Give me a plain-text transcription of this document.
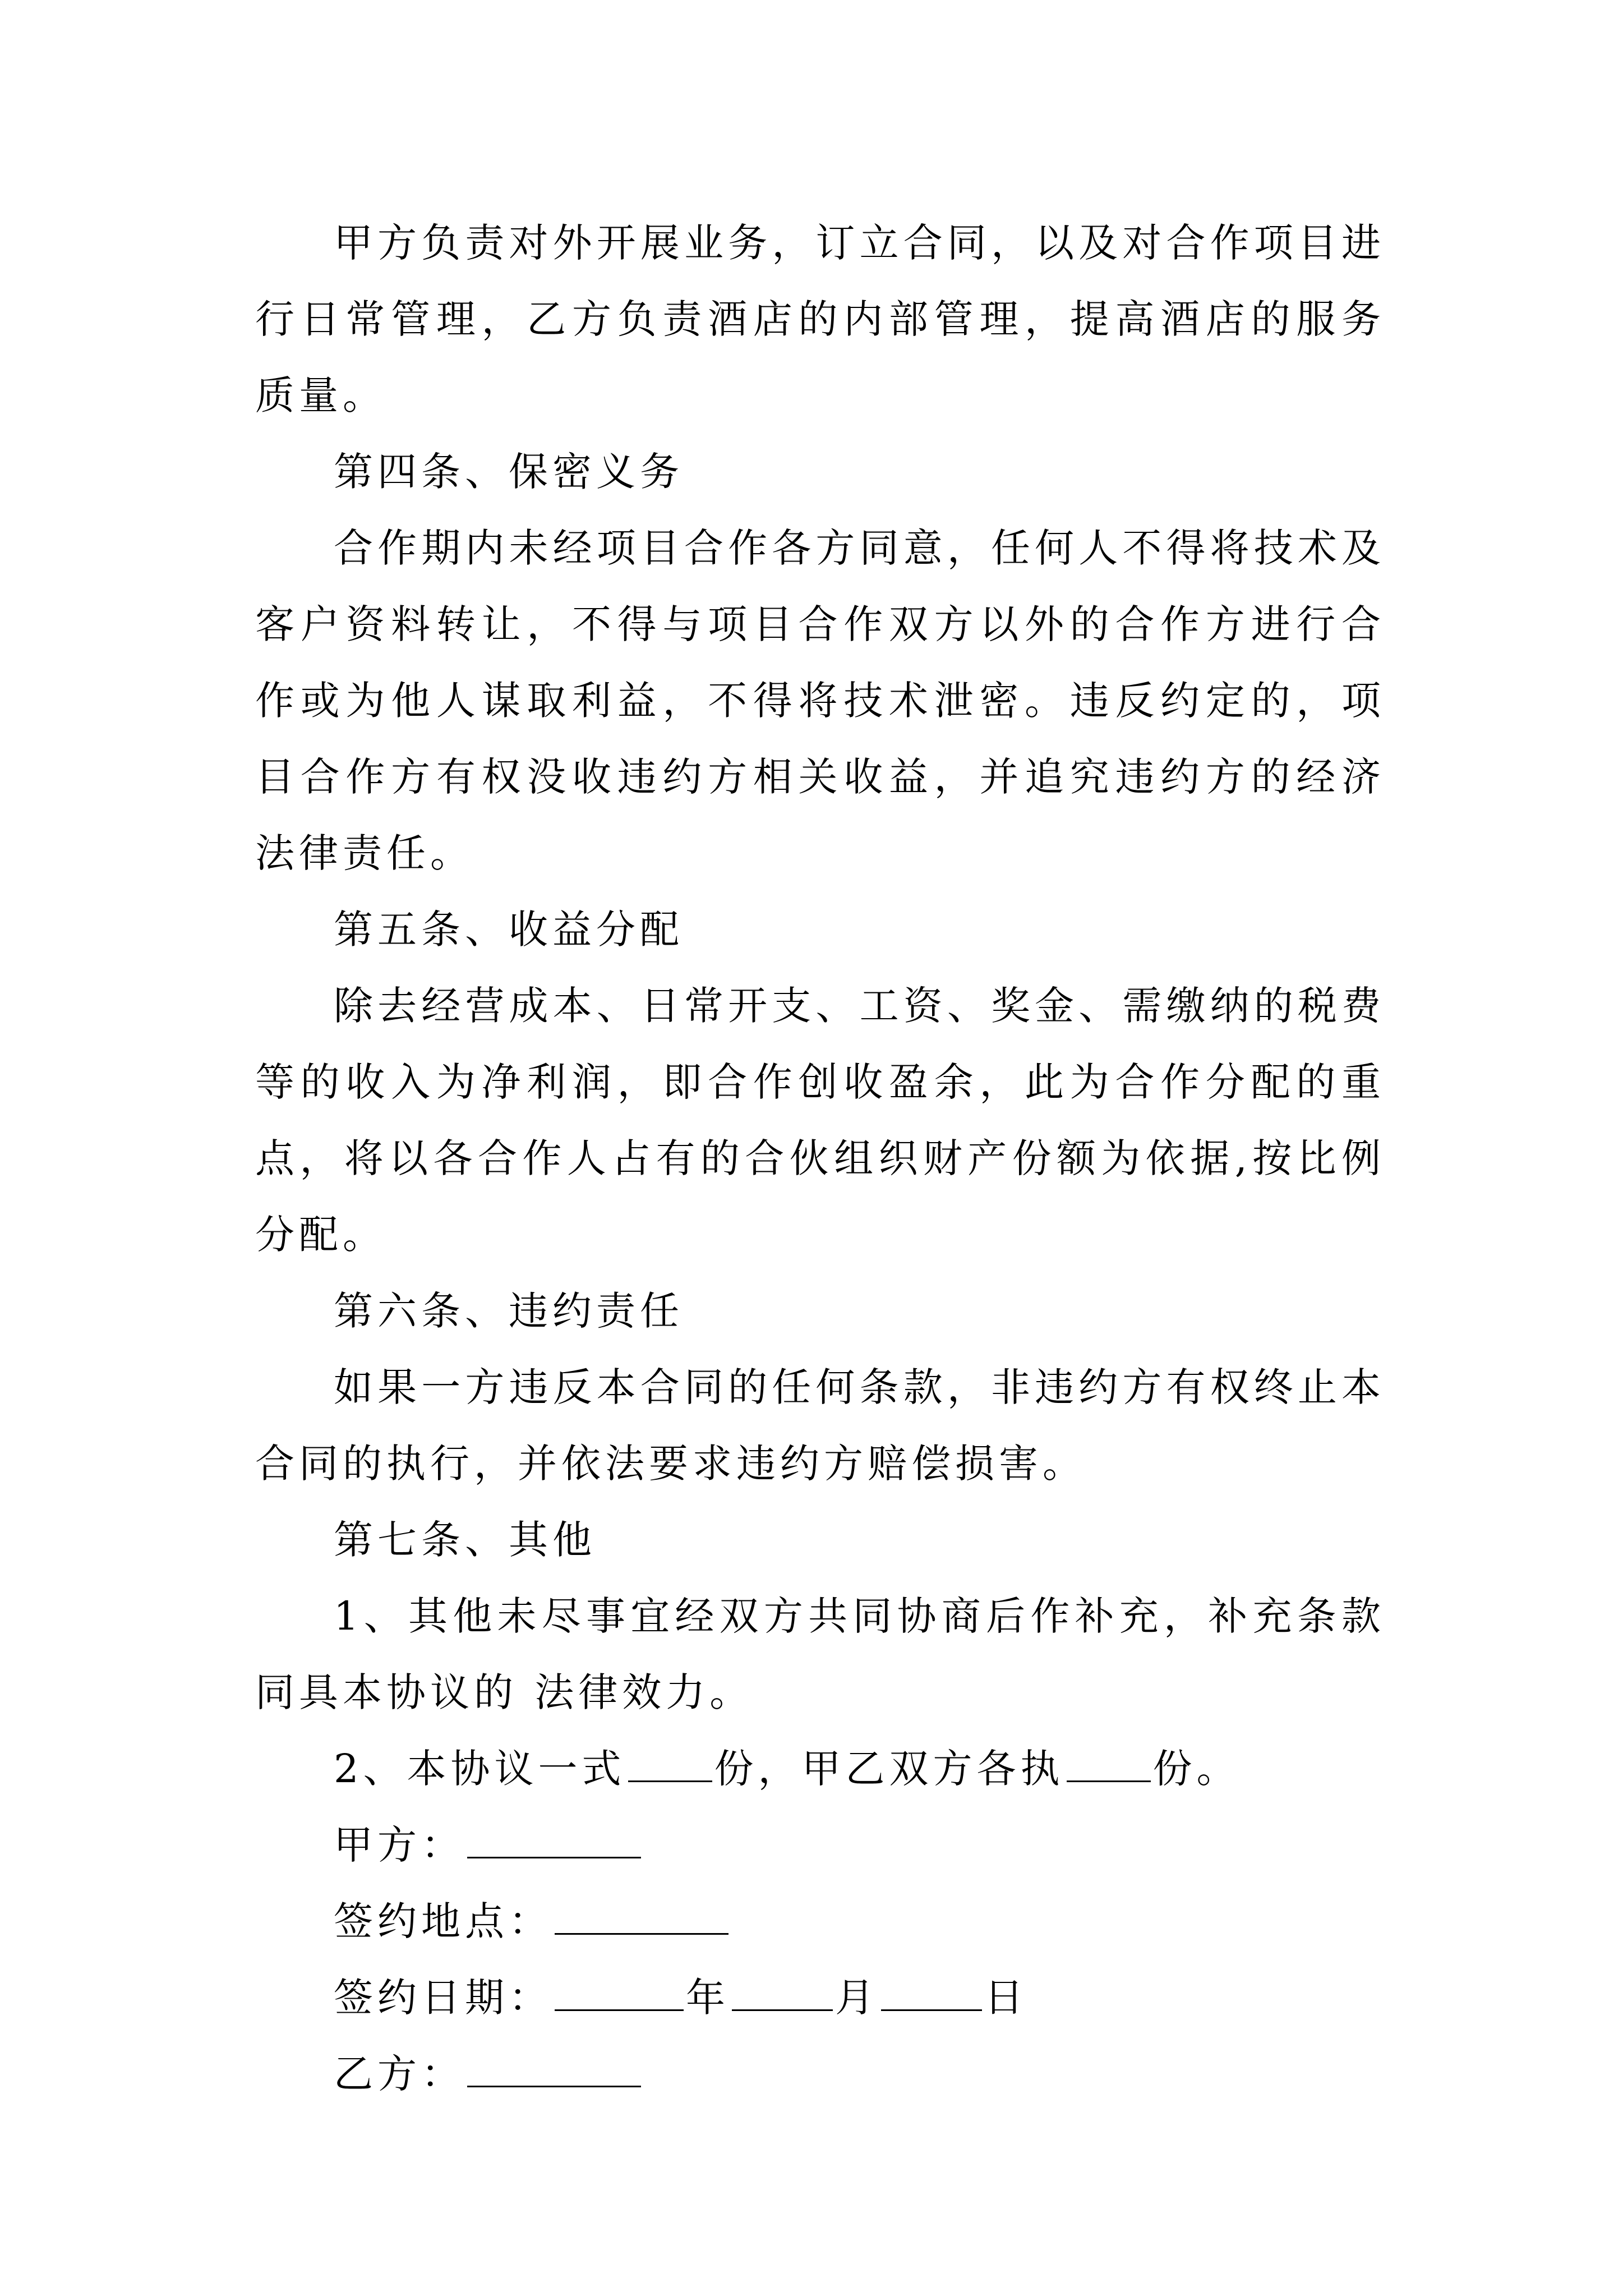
甲方负责对外开展业务，订立合同，以及对合作项目进行日常管理，乙方负责酒店的内部管理，提高酒店的服务质量。

第四条、保密义务

合作期内未经项目合作各方同意，任何人不得将技术及客户资料转让，不得与项目合作双方以外的合作方进行合作或为他人谋取利益，不得将技术泄密。违反约定的，项目合作方有权没收违约方相关收益，并追究违约方的经济法律责任。

第五条、收益分配

除去经营成本、日常开支、工资、奖金、需缴纳的税费等的收入为净利润，即合作创收盈余，此为合作分配的重点，将以各合作人占有的合伙组织财产份额为依据,按比例分配。

第六条、违约责任

如果一方违反本合同的任何条款，非违约方有权终止本合同的执行，并依法要求违约方赔偿损害。

第七条、其他

1、其他未尽事宜经双方共同协商后作补充，补充条款同具本协议的 法律效力。

2、本协议一式 份，甲乙双方各执 份。

甲方：

签约地点：

签约日期：	年	月	日

乙方：
